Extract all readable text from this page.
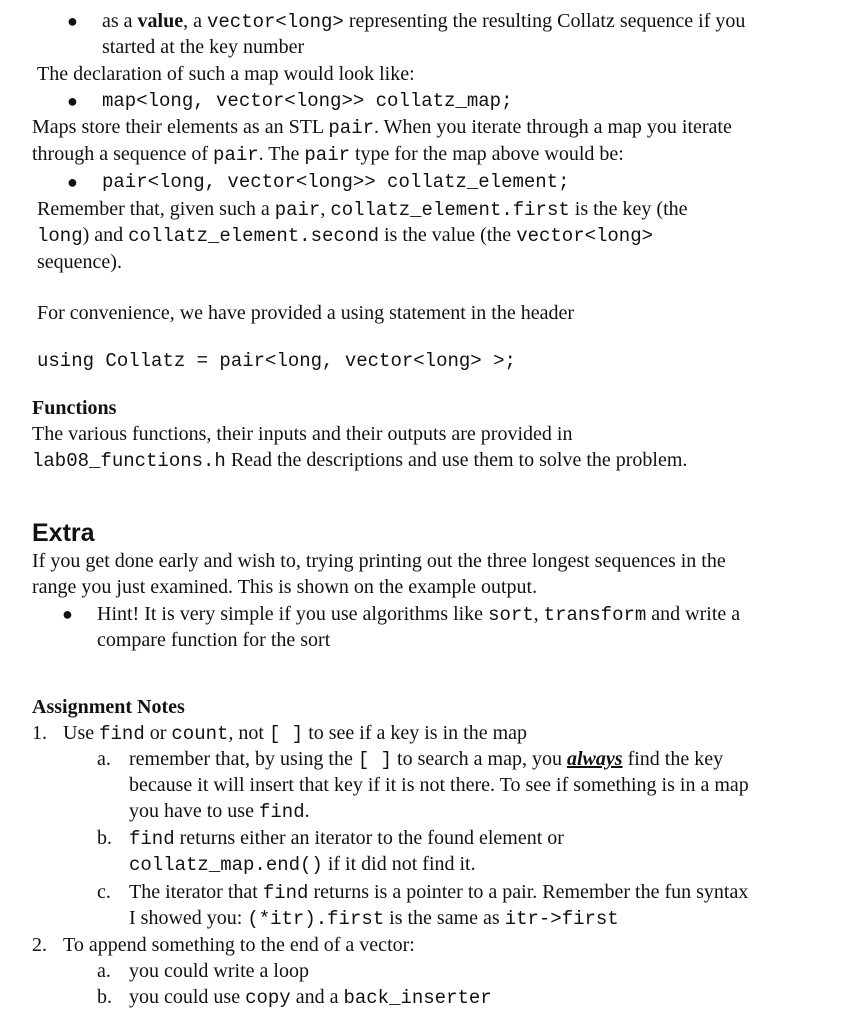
● as a value, a vector<long> representing the resulting Collatz sequence if you
started at the key number
The declaration of such a map would look like:
● map<long, vector<long>> collatz_map;
Maps store their elements as an STL pair. When you iterate through a map you iterate
through a sequence of pair. The pair type for the map above would be:
● pair<long, vector<long>> collatz_element;
Remember that, given such a pair, collatz_element.first is the key (the
long) and collatz_element.second is the value (the vector<long>
sequence).
For convenience, we have provided a using statement in the header
using Collatz = pair<long, vector<long> >;
Functions
The various functions, their inputs and their outputs are provided in
lab08_functions.h Read the descriptions and use them to solve the problem.
Extra
If you get done early and wish to, trying printing out the three longest sequences in the
range you just examined. This is shown on the example output.
● Hint! It is very simple if you use algorithms like sort, transform and write a
compare function for the sort
Assignment Notes
1. Use find or count, not [ ] to see if a key is in the map
a. remember that, by using the [ ] to search a map, you always find the key
because it will insert that key if it is not there. To see if something is in a map
you have to use find.
b. find returns either an iterator to the found element or
collatz_map.end() if it did not find it.
c. The iterator that find returns is a pointer to a pair. Remember the fun syntax
I showed you: (*itr).first is the same as itr->first
2. To append something to the end of a vector:
a. you could write a loop
b. you could use copy and a back_inserter
